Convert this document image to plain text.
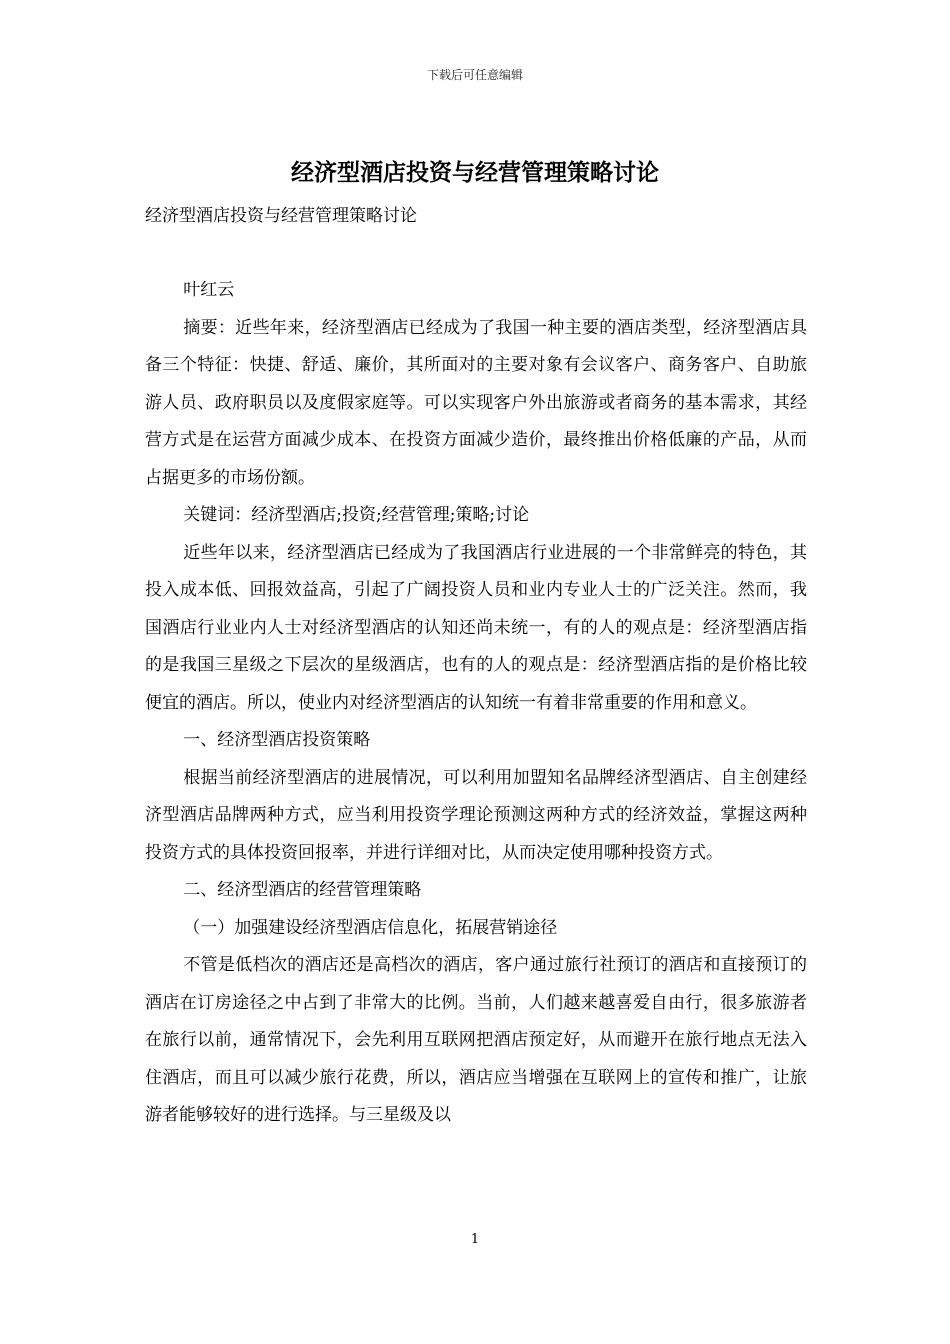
下载后可任意编辑
经济型酒店投资与经营管理策略讨论
经济型酒店投资与经营管理策略讨论

叶红云

摘要：近些年来，经济型酒店已经成为了我国一种主要的酒店类型，经济型酒店具备三个特征：快捷、舒适、廉价，其所面对的主要对象有会议客户、商务客户、自助旅游人员、政府职员以及度假家庭等。可以实现客户外出旅游或者商务的基本需求，其经营方式是在运营方面减少成本、在投资方面减少造价，最终推出价格低廉的产品，从而占据更多的市场份额。

关键词：经济型酒店;投资;经营管理;策略;讨论

近些年以来，经济型酒店已经成为了我国酒店行业进展的一个非常鲜亮的特色，其投入成本低、回报效益高，引起了广阔投资人员和业内专业人士的广泛关注。然而，我国酒店行业业内人士对经济型酒店的认知还尚未统一，有的人的观点是：经济型酒店指的是我国三星级之下层次的星级酒店，也有的人的观点是：经济型酒店指的是价格比较便宜的酒店。所以，使业内对经济型酒店的认知统一有着非常重要的作用和意义。

一、经济型酒店投资策略

根据当前经济型酒店的进展情况，可以利用加盟知名品牌经济型酒店、自主创建经济型酒店品牌两种方式，应当利用投资学理论预测这两种方式的经济效益，掌握这两种投资方式的具体投资回报率，并进行详细对比，从而决定使用哪种投资方式。

二、经济型酒店的经营管理策略

（一）加强建设经济型酒店信息化，拓展营销途径

不管是低档次的酒店还是高档次的酒店，客户通过旅行社预订的酒店和直接预订的酒店在订房途径之中占到了非常大的比例。当前，人们越来越喜爱自由行，很多旅游者在旅行以前，通常情况下，会先利用互联网把酒店预定好，从而避开在旅行地点无法入住酒店，而且可以减少旅行花费，所以，酒店应当增强在互联网上的宣传和推广，让旅游者能够较好的进行选择。与三星级及以

1
